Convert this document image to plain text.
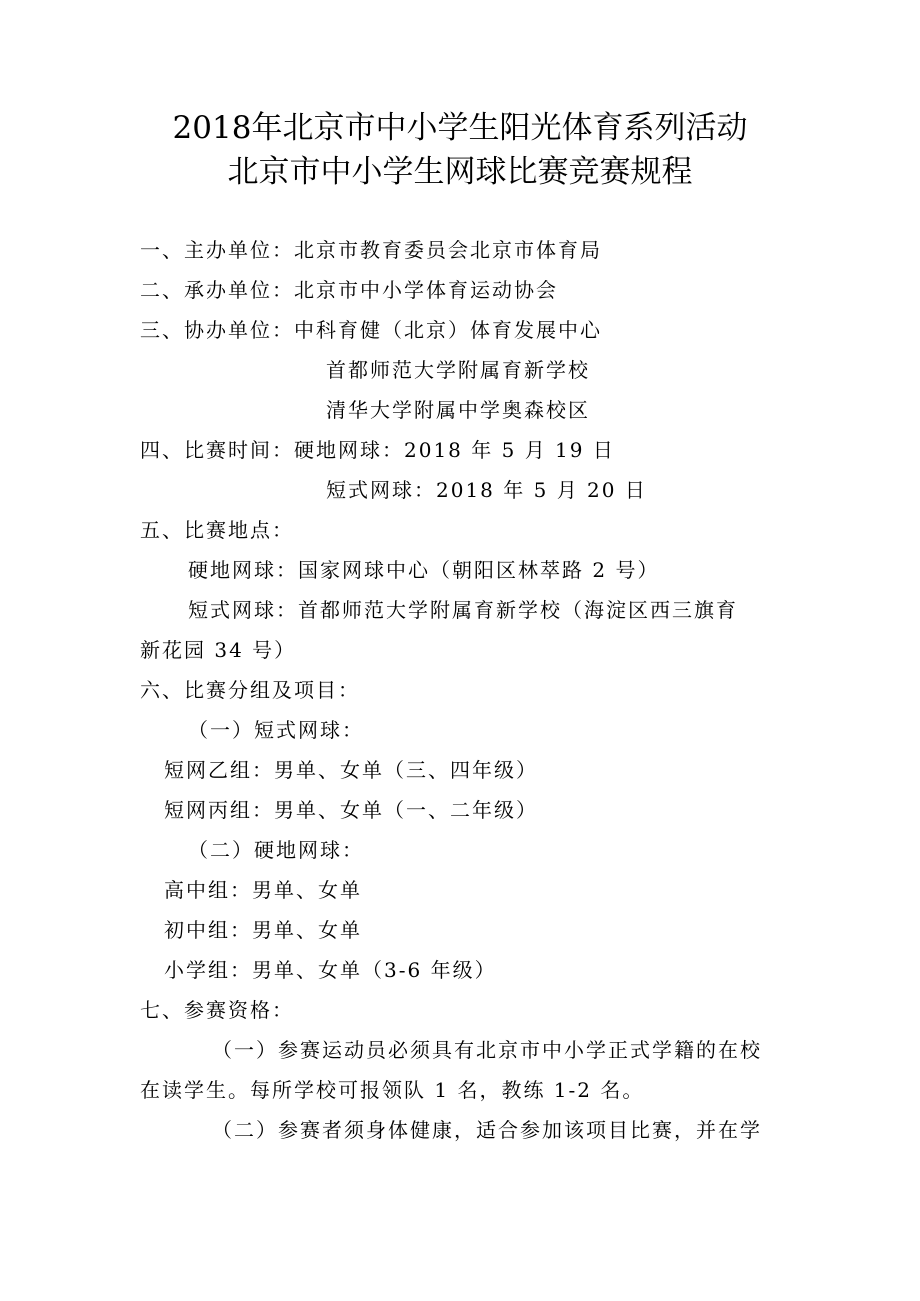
2018年北京市中小学生阳光体育系列活动
北京市中小学生网球比赛竞赛规程
一、主办单位：北京市教育委员会北京市体育局
二、承办单位：北京市中小学体育运动协会
三、协办单位：中科育健（北京）体育发展中心
首都师范大学附属育新学校
清华大学附属中学奥森校区
四、比赛时间：硬地网球：2018 年 5 月 19 日
短式网球：2018 年 5 月 20 日
五、比赛地点：
硬地网球：国家网球中心（朝阳区林萃路 2 号）
短式网球：首都师范大学附属育新学校（海淀区西三旗育
新花园 34 号）
六、比赛分组及项目：
（一）短式网球：
短网乙组：男单、女单（三、四年级）
短网丙组：男单、女单（一、二年级）
（二）硬地网球：
高中组：男单、女单
初中组：男单、女单
小学组：男单、女单（3-6 年级）
七、参赛资格：
（一）参赛运动员必须具有北京市中小学正式学籍的在校
在读学生。每所学校可报领队 1 名，教练 1-2 名。
（二）参赛者须身体健康，适合参加该项目比赛，并在学
